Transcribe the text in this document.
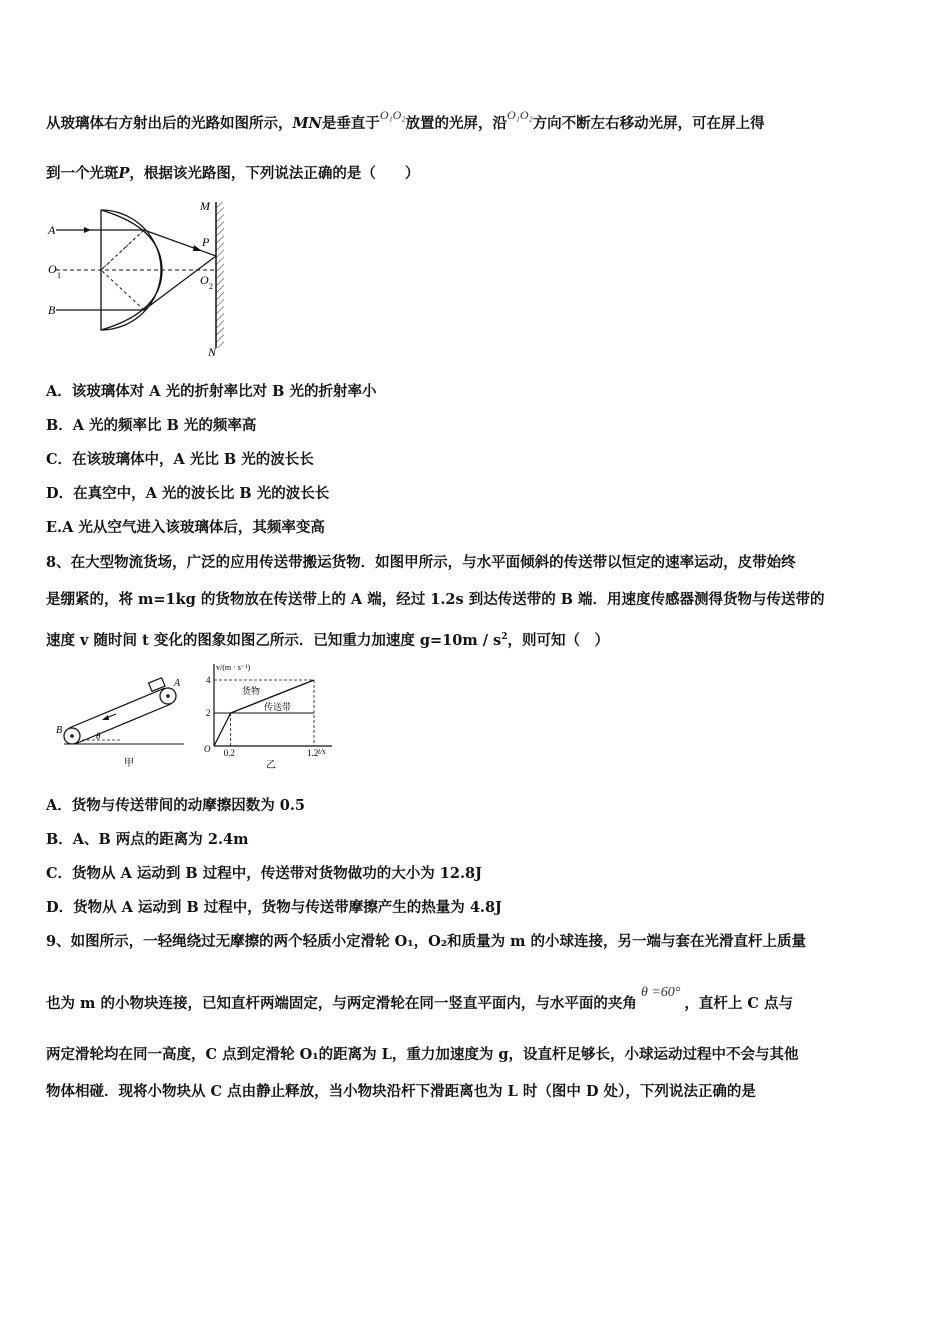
从玻璃体右方射出后的光路如图所示，MN是垂直于$^{O_1O_2}$放置的光屏，沿$^{O_1O_2}$方向不断左右移动光屏，可在屏上得
到一个光斑P，根据该光路图，下列说法正确的是（　　）
M
N
A
B
O 1	O 2
P
A．该玻璃体对 A 光的折射率比对 B 光的折射率小
B．A 光的频率比 B 光的频率高
C．在该玻璃体中，A 光比 B 光的波长长
D．在真空中，A 光的波长比 B 光的波长长
E.A 光从空气进入该玻璃体后，其频率变高
8、在大型物流货场，广泛的应用传送带搬运货物．如图甲所示，与水平面倾斜的传送带以恒定的速率运动，皮带始终
是绷紧的，将 m=1kg 的货物放在传送带上的 A 端，经过 1.2s 到达传送带的 B 端．用速度传感器测得货物与传送带的
速度 v 随时间 t 变化的图象如图乙所示．已知重力加速度 $g=10m / s^2$，则可知（　）
A
B	θ
甲
4
2
0.2	1.2
v/(m · s⁻¹)
t/s
O
货物
传送带
乙
A．货物与传送带间的动摩擦因数为 0.5
B．A、B 两点的距离为 2.4m
C．货物从 A 运动到 B 过程中，传送带对货物做功的大小为 12.8J
D．货物从 A 运动到 B 过程中，货物与传送带摩擦产生的热量为 4.8J
9、如图所示，一轻绳绕过无摩擦的两个轻质小定滑轮 O₁，O₂和质量为 m 的小球连接，另一端与套在光滑直杆上质量
也为 m 的小物块连接，已知直杆两端固定，与两定滑轮在同一竖直平面内，与水平面的夹角θ =60°，直杆上 C 点与
两定滑轮均在同一高度，C 点到定滑轮 O₁的距离为 L，重力加速度为 g，设直杆足够长，小球运动过程中不会与其他
物体相碰．现将小物块从 C 点由静止释放，当小物块沿杆下滑距离也为 L 时（图中 D 处），下列说法正确的是
